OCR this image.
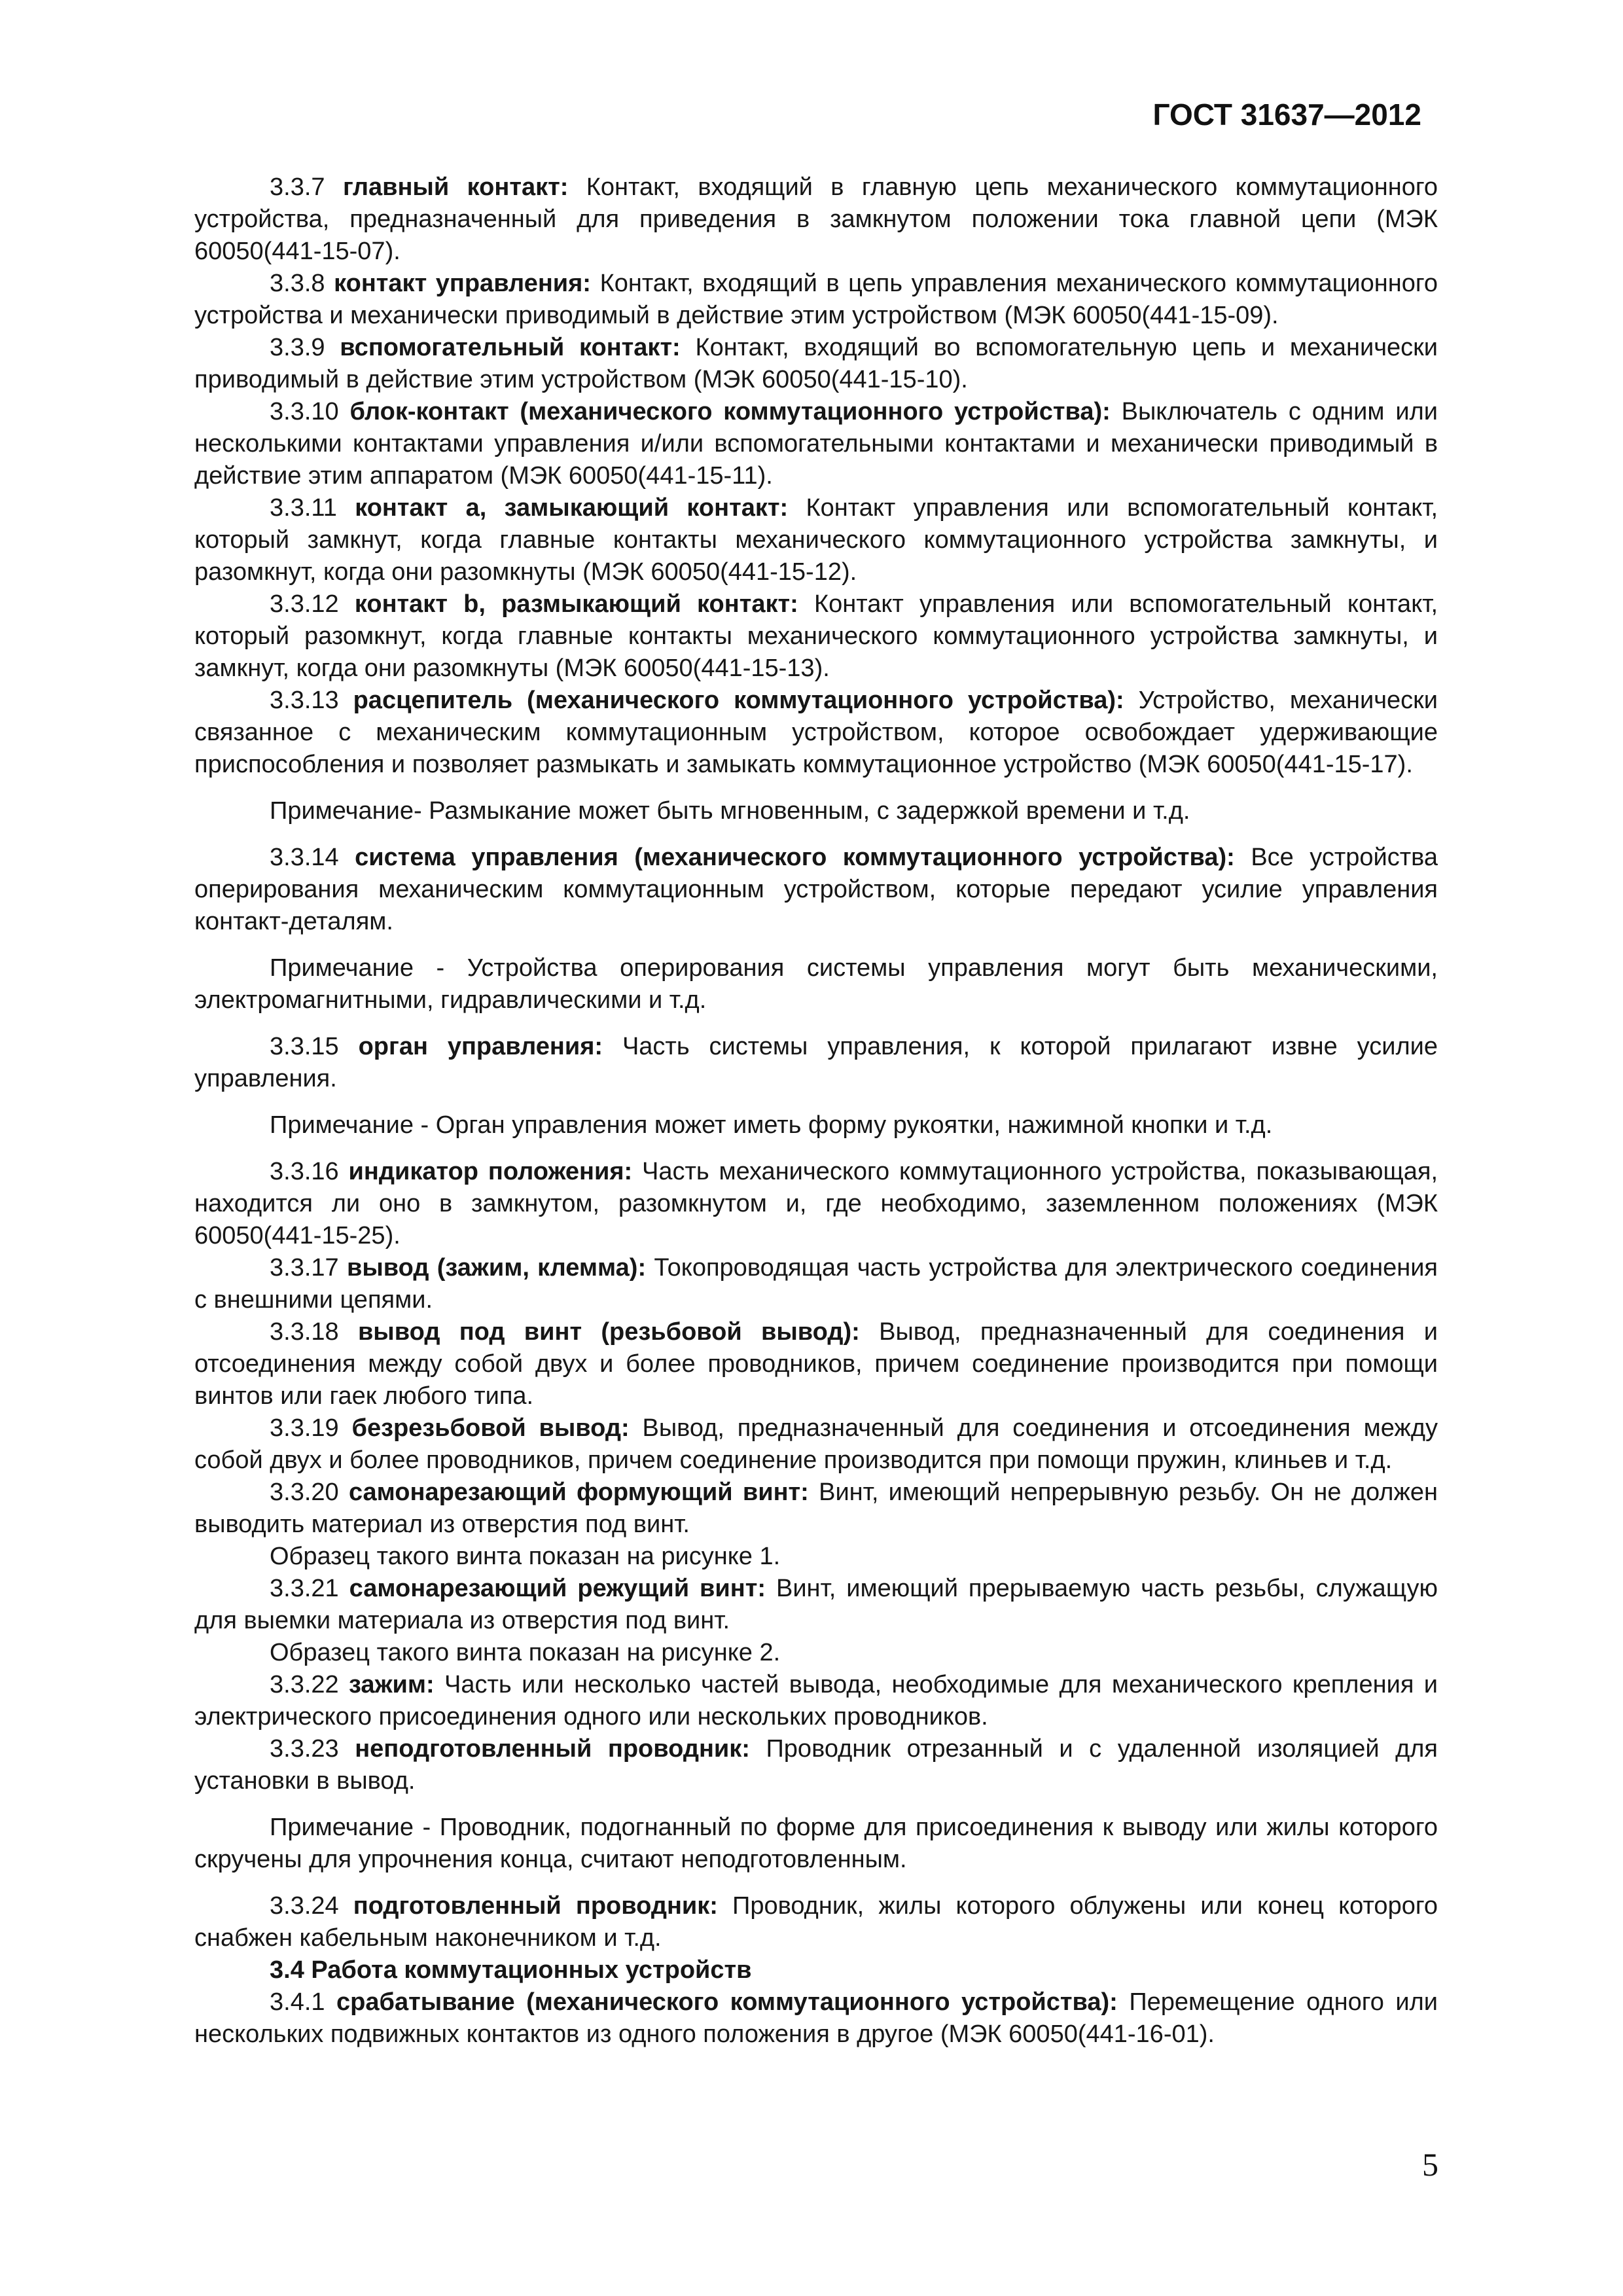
ГОСТ 31637—2012

3.3.7 главный контакт: Контакт, входящий в главную цепь механического коммутационного устройства, предназначенный для приведения в замкнутом положении тока главной цепи (МЭК 60050(441-15-07).

3.3.8 контакт управления: Контакт, входящий в цепь управления механического коммутационного устройства и механически приводимый в действие этим устройством (МЭК 60050(441-15-09).

3.3.9 вспомогательный контакт: Контакт, входящий во вспомогательную цепь и механически приводимый в действие этим устройством (МЭК 60050(441-15-10).

3.3.10 блок-контакт (механического коммутационного устройства): Выключатель с одним или несколькими контактами управления и/или вспомогательными контактами и механически приводимый в действие этим аппаратом (МЭК 60050(441-15-11).

3.3.11 контакт a, замыкающий контакт: Контакт управления или вспомогательный контакт, который замкнут, когда главные контакты механического коммутационного устройства замкнуты, и разомкнут, когда они разомкнуты (МЭК 60050(441-15-12).

3.3.12 контакт b, размыкающий контакт: Контакт управления или вспомогательный контакт, который разомкнут, когда главные контакты механического коммутационного устройства замкнуты, и замкнут, когда они разомкнуты (МЭК 60050(441-15-13).

3.3.13 расцепитель (механического коммутационного устройства): Устройство, механически связанное с механическим коммутационным устройством, которое освобождает удерживающие приспособления и позволяет размыкать и замыкать коммутационное устройство (МЭК 60050(441-15-17).

Примечание- Размыкание может быть мгновенным, с задержкой времени и т.д.

3.3.14 система управления (механического коммутационного устройства): Все устройства оперирования механическим коммутационным устройством, которые передают усилие управления контакт-деталям.

Примечание - Устройства оперирования системы управления могут быть механическими, электромагнитными, гидравлическими и т.д.

3.3.15 орган управления: Часть системы управления, к которой прилагают извне усилие управления.

Примечание - Орган управления может иметь форму рукоятки, нажимной кнопки и т.д.

3.3.16 индикатор положения: Часть механического коммутационного устройства, показывающая, находится ли оно в замкнутом, разомкнутом и, где необходимо, заземленном положениях (МЭК 60050(441-15-25).

3.3.17 вывод (зажим, клемма): Токопроводящая часть устройства для электрического соединения с внешними цепями.

3.3.18 вывод под винт (резьбовой вывод): Вывод, предназначенный для соединения и отсоединения между собой двух и более проводников, причем соединение производится при помощи винтов или гаек любого типа.

3.3.19 безрезьбовой вывод: Вывод, предназначенный для соединения и отсоединения между собой двух и более проводников, причем соединение производится при помощи пружин, клиньев и т.д.

3.3.20 самонарезающий формующий винт: Винт, имеющий непрерывную резьбу. Он не должен выводить материал из отверстия под винт.

Образец такого винта показан на рисунке 1.

3.3.21 самонарезающий режущий винт: Винт, имеющий прерываемую часть резьбы, служащую для выемки материала из отверстия под винт.

Образец такого винта показан на рисунке 2.

3.3.22 зажим: Часть или несколько частей вывода, необходимые для механического крепления и электрического присоединения одного или нескольких проводников.

3.3.23 неподготовленный проводник: Проводник отрезанный и с удаленной изоляцией для установки в вывод.

Примечание - Проводник, подогнанный по форме для присоединения к выводу или жилы которого скручены для упрочнения конца, считают неподготовленным.

3.3.24 подготовленный проводник: Проводник, жилы которого облужены или конец которого снабжен кабельным наконечником и т.д.

3.4 Работа коммутационных устройств

3.4.1 срабатывание (механического коммутационного устройства): Перемещение одного или нескольких подвижных контактов из одного положения в другое (МЭК 60050(441-16-01).

5
